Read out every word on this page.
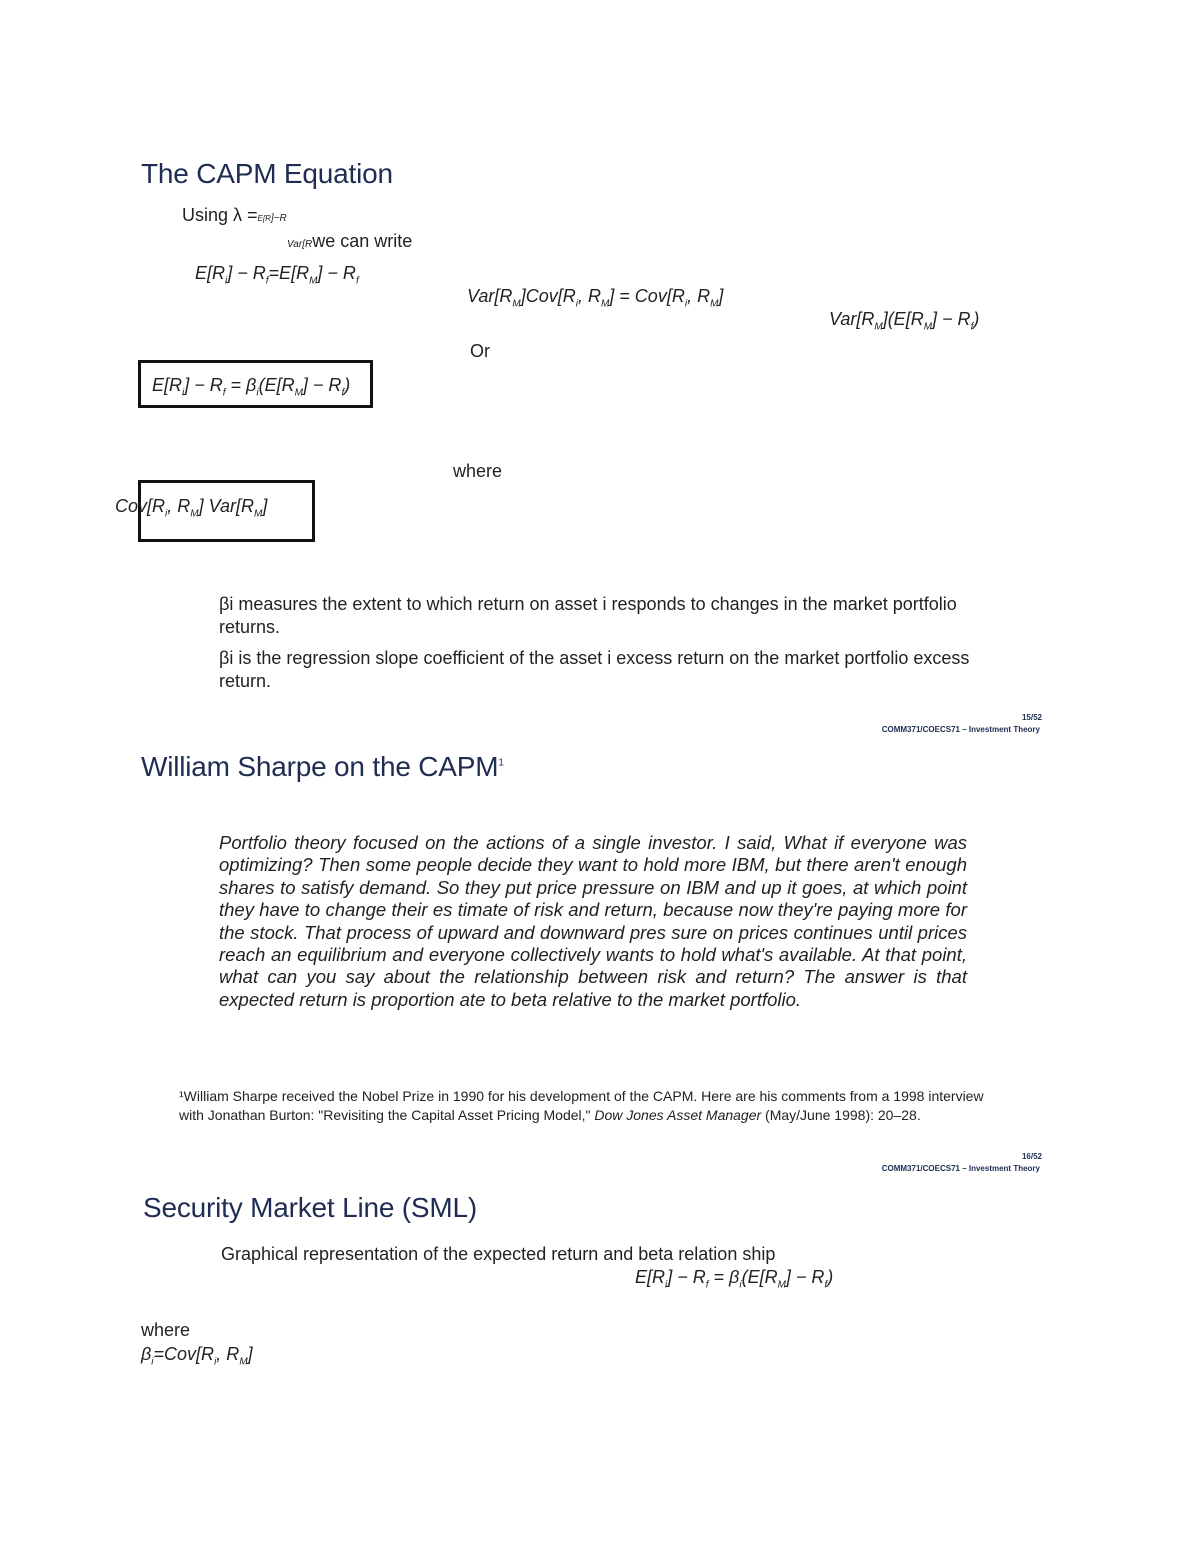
The CAPM Equation
Using λ =E[R]−R
Var[Rwe can write
$E[R_i] - R_f=E[R_M] - R_f$
$Var[R_M]Cov[R_i$, $R_M] = Cov[R_i$, $R_M$]
$Var[R_M](E[R_M] - R_f)$
Or
$E[R_i] - R_f = \beta_i(E[R_M] - R_f)$
where
$Cov[R_i$, $R_M$] $Var[R_M]$
βi measures the extent to which return on asset i responds to changes in the market portfolio returns.
βi is the regression slope coefficient of the asset i excess return on the market portfolio excess return.
15/52
COMM371/COECS71 – Investment Theory
William Sharpe on the CAPM$^1$
Portfolio theory focused on the actions of a single investor. I said, What if everyone was optimizing? Then some people decide they want to hold more IBM, but there aren't enough shares to satisfy demand. So they put price pressure on IBM and up it goes, at which point they have to change their es timate of risk and return, because now they're paying more for the stock. That process of upward and downward pres sure on prices continues until prices reach an equilibrium and everyone collectively wants to hold what's available. At that point, what can you say about the relationship between risk and return? The answer is that expected return is proportion ate to beta relative to the market portfolio.
¹William Sharpe received the Nobel Prize in 1990 for his development of the CAPM. Here are his comments from a 1998 interview with Jonathan Burton: "Revisiting the Capital Asset Pricing Model," Dow Jones Asset Manager (May/June 1998): 20–28.
16/52
COMM371/COECS71 – Investment Theory
Security Market Line (SML)
Graphical representation of the expected return and beta relation ship
$E[R_i] - R_f = \beta_i(E[R_M] - R_f)$
where
$\beta_i=Cov[R_i$, $R_M$]
